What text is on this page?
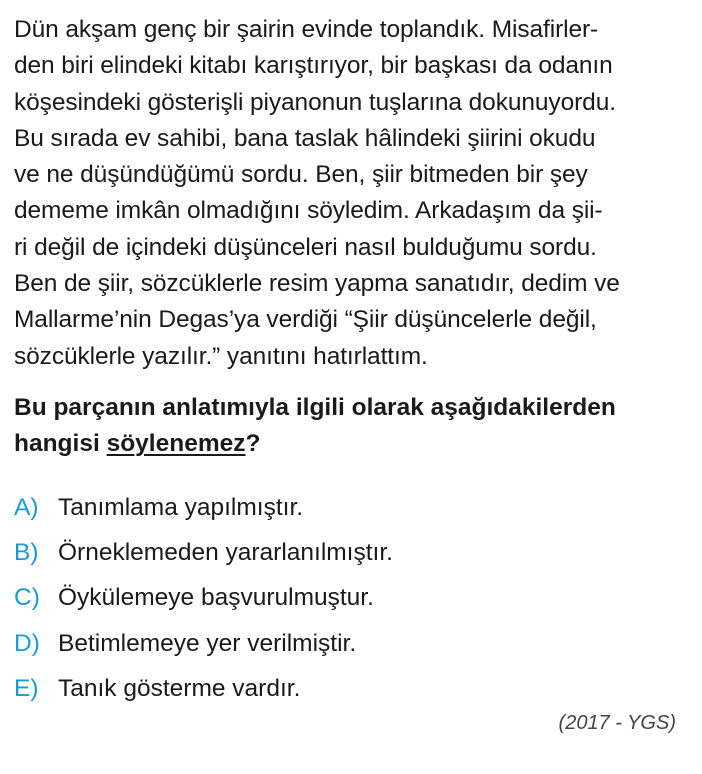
Dün akşam genç bir şairin evinde toplandık. Misafirler-
den biri elindeki kitabı karıştırıyor, bir başkası da odanın
köşesindeki gösterişli piyanonun tuşlarına dokunuyordu.
Bu sırada ev sahibi, bana taslak hâlindeki şiirini okudu
ve ne düşündüğümü sordu. Ben, şiir bitmeden bir şey
dememe imkân olmadığını söyledim. Arkadaşım da şii-
ri değil de içindeki düşünceleri nasıl bulduğumu sordu.
Ben de şiir, sözcüklerle resim yapma sanatıdır, dedim ve
Mallarme’nin Degas’ya verdiği “Şiir düşüncelerle değil,
sözcüklerle yazılır.” yanıtını hatırlattım.
Bu parçanın anlatımıyla ilgili olarak aşağıdakilerden
hangisi söylenemez?
A) Tanımlama yapılmıştır.
B) Örneklemeden yararlanılmıştır.
C) Öykülemeye başvurulmuştur.
D) Betimlemeye yer verilmiştir.
E) Tanık gösterme vardır.
(2017 - YGS)
